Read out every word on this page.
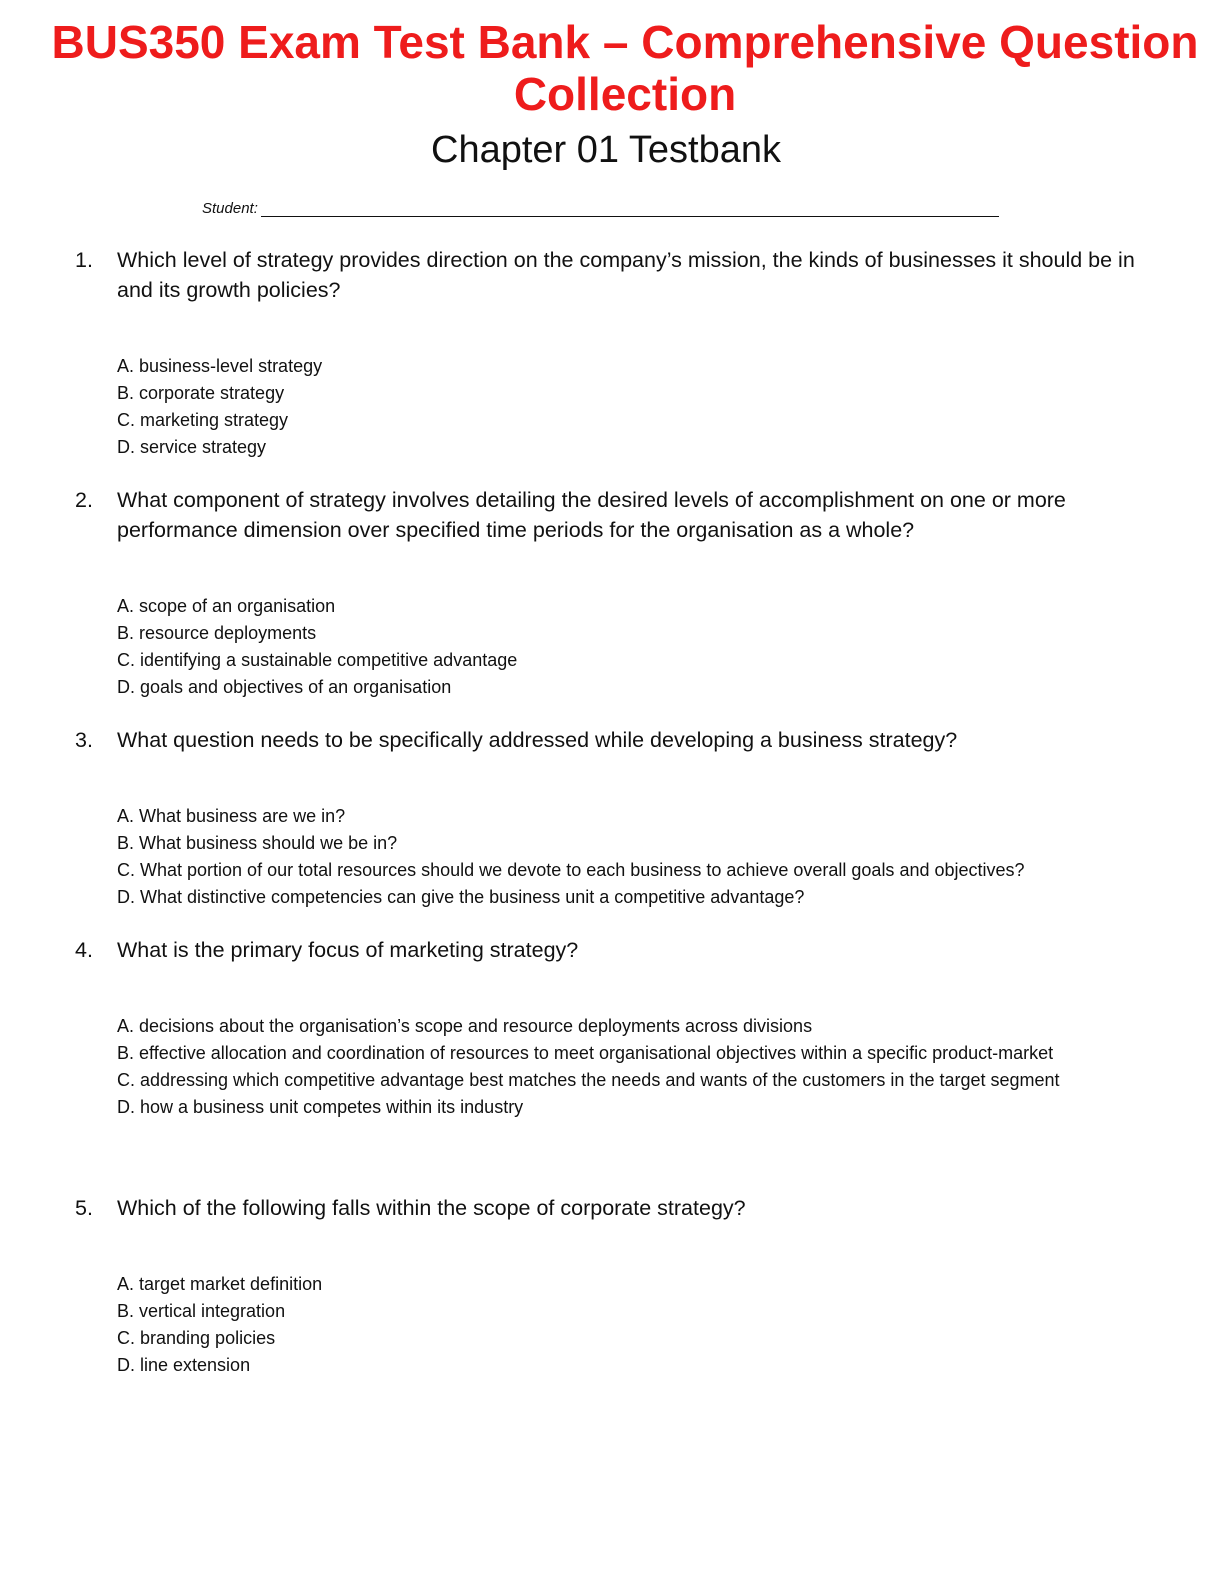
BUS350 Exam Test Bank – Comprehensive Question Collection
Chapter 01 Testbank
Student:
1.	Which level of strategy provides direction on the company’s mission, the kinds of businesses it should be in and its growth policies?
A. business-level strategy
B. corporate strategy
C. marketing strategy
D. service strategy
2.	What component of strategy involves detailing the desired levels of accomplishment on one or more performance dimension over specified time periods for the organisation as a whole?
A. scope of an organisation
B. resource deployments
C. identifying a sustainable competitive advantage
D. goals and objectives of an organisation
3.	What question needs to be specifically addressed while developing a business strategy?
A. What business are we in?
B. What business should we be in?
C. What portion of our total resources should we devote to each business to achieve overall goals and objectives?
D. What distinctive competencies can give the business unit a competitive advantage?
4.	What is the primary focus of marketing strategy?
A. decisions about the organisation’s scope and resource deployments across divisions
B. effective allocation and coordination of resources to meet organisational objectives within a specific product-market
C. addressing which competitive advantage best matches the needs and wants of the customers in the target segment
D. how a business unit competes within its industry
5.	Which of the following falls within the scope of corporate strategy?
A. target market definition
B. vertical integration
C. branding policies
D. line extension
